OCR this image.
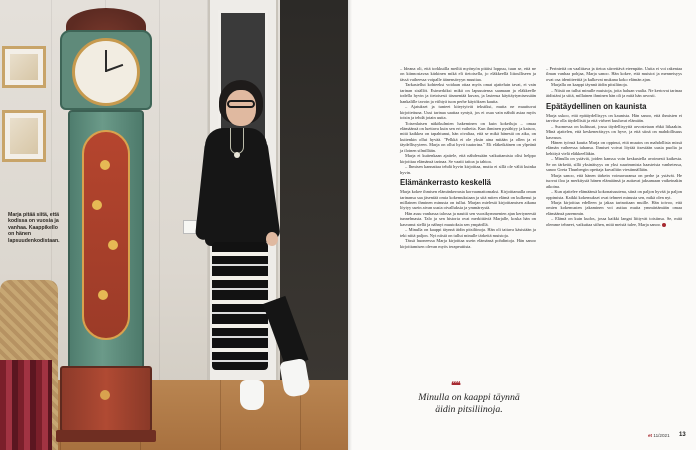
Marja pitää siitä, että kodissa on vuosia ja vanhaa. Kaappikello on hänen lapsuudenkodistaan.

– Ideana oli, että torkkuilla meiltä myönyön pitäisi loppuu, tuun se, että ne on kiinnostavaa kärkinen mikä eli tietoisella, jo eläkkeellä liitoulliseen ja tässä vaiheessa voipalle äänensävyyn muuttaa.

Tarkastellut kohteeksi voidaan ottaa myös omat ajatteluin tavat, ei vain tarinan sisällöt. Esimerkiksi mikä on lapsuutensa saamaan ja eläkkeelle todella hyvin ja tietoisesti täsmentää kuvan, ja lastensa käyttäytymisessään hankalille tavoin ja viihtyä tuon perhe käytöksen kautta.

– Ajatukset ja tunteet kiteytyivät tekstiksi, mutta ne muuttuvat kirjoitettuna. Uusi tarinaa saattaa syntyä, jos ei osaa vain nähdä asiaa myös toisin ja tehdä jotain uutta.

Toisenlaisen näkökulmien hakeminen on kuin kokeiluja – omaa elämäänsä on luettava kuin sen eri vaiheita. Kun ihminen pysähtyy ja katsoo, mitä kaikkea on tapahtunut, hän oivaltaa, että se mikä hänestä on aika, on kuitenkin ollut hyvää. "Pelkkä ei ole yksin aina mitään ja ollen ja ei täydellisyyteen. Marja on ollut hyvä tuutorina." Eli eläkeikäinen on ylpeänä ja iloinen silmillään.

Marja ei kuitenkaan ajattele, että nähdessään vaikuttamista olisi helppo kirjoittaa elämänsä tarinaa. Se vaatii taitoa ja tahtoa.

– Ihmisen kannattaa tehdä hyvin kirjoittaa, mutta ei sillä ole väliä kuinka hyvin.

Elämänkerrasto keskellä

Marja kokee ihmisen elämänkerrasta korvaamattomaksi. Kirjoittamalla oman tarinansa saa jäsentää omia kokemuksiaan ja sitä miten elämä on kulkenut ja millainen ihminen minusta on tullut. Marjan mielestä kirjoittamisen aikana löytyy usein aivan uusia oivalluksia ja ymmärrystä.

Hän asuu vanhassa talossa ja nauttii sen vuosikymmenien ajan kertyneestä tunnelmasta. Talo ja sen historia ovat merkittäviä Marjalle, koska hän on kasvanut siellä ja nähnyt muutoksia sen ympärillä.

– Minulla on kaappi täynnä äidin pitsiliinoja. Hän oli taitava käsistään ja teki niitä paljon. Nyt niistä on tullut minulle tärkeitä muistoja.

Tässä huoneessa Marja kirjoittaa usein elämänsä pohdintoja. Hän sanoo kirjoittamisen olevan myös terapeuttista.

❝❝
Minulla on kaappi täynnä äidin pitsiliinoja.

– Perinteitä on vaalittava ja tietoa siirrettävä eteenpäin. Uutta ei voi rakentaa ilman vanhaa pohjaa, Marja sanoo. Hän kokee, että muistot ja menneisyys ovat osa identiteettiä ja kulkevat mukana koko elämän ajan.

Marjalla on kaappi täynnä äidin pitsiliinoja.

– Niistä on tullut minulle muistoja, joita haluan vaalia. Ne kertovat tarinaa äidistäni ja siitä, millainen ihminen hän oli ja mitä hän arvosti.

Epätäydellinen on kaunista

Marja uskoo, että epätäydellisyys on kaunista. Hän sanoo, että ihmisten ei tarvitse olla täydellisiä ja että virheet kuuluvat elämään.

– Suomessa on kulttuuri, jossa täydellisyyttä arvostetaan ehkä liikaakin. Minä ajattelen, että keskeneräisyys on hyve, ja että siinä on mahdollisuus kasvuun.

Hänen työnsä kautta Marja on oppinut, että muutos on mahdollista missä elämän vaiheessa tahansa. Ihmiset voivat löytää itsestään uusia puolia ja kehittyä vielä eläkkeelläkin.

– Minulla on ystäviä, joiden kanssa voin keskustella avoimesti kaikesta. Se on tärkeää, sillä yksinäisyys on yksi suurimmista haasteista vanhetessa, sanoo Greta Thunbergin opettaja kuvailtiin viestinnällään.

Marja sanoo, että hänen tärkein voimavaransa on perhe ja ystävät. He tuovat iloa ja merkitystä hänen elämäänsä ja auttavat jaksamaan vaikeinakin aikoina.

– Kun ajattelee elämäänsä kokonaisuutena, siinä on paljon hyvää ja paljon oppimista. Kaikki kokemukset ovat tehneet minusta sen, mikä olen nyt.

Marja kirjoittaa edelleen ja jakaa tarinoitaan muille. Hän toivoo, että omien kokemusten jakaminen voi auttaa muita ymmärtämään omaa elämäänsä paremmin.

– Elämä on kuin kudos, jossa kaikki langat liittyvät toisiinsa. Se, mitä olemme tehneet, vaikuttaa siihen, mitä meistä tulee, Marja sanoo.

et 11/2021 13
